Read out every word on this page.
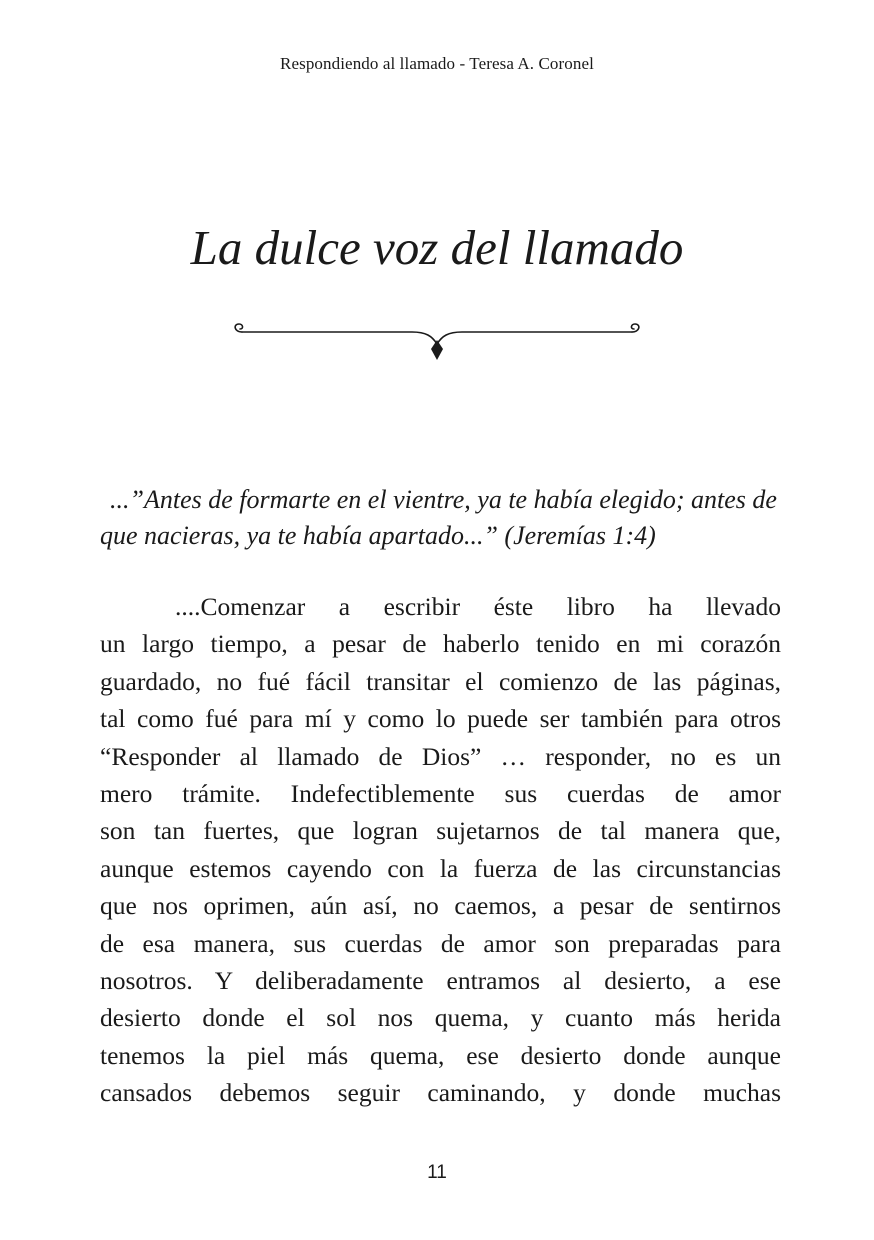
Respondiendo al llamado - Teresa A. Coronel
La dulce voz del llamado
...”Antes de formarte en el vientre, ya te había elegido; antes de
que nacieras, ya te había apartado...” (Jeremías 1:4)
....Comenzar a escribir éste libro ha llevado
un largo tiempo, a pesar de haberlo tenido en mi corazón
guardado, no fué fácil transitar el comienzo de las páginas,
tal como fué para mí y como lo puede ser también para otros
“Responder al llamado de Dios” … responder, no es un
mero trámite. Indefectiblemente sus cuerdas de amor
son tan fuertes, que logran sujetarnos de tal manera que,
aunque estemos cayendo con la fuerza de las circunstancias
que nos oprimen, aún así, no caemos, a pesar de sentirnos
de esa manera, sus cuerdas de amor son preparadas para
nosotros. Y deliberadamente entramos al desierto, a ese
desierto donde el sol nos quema, y cuanto más herida
tenemos la piel más quema, ese desierto donde aunque
cansados debemos seguir caminando, y donde muchas
11
